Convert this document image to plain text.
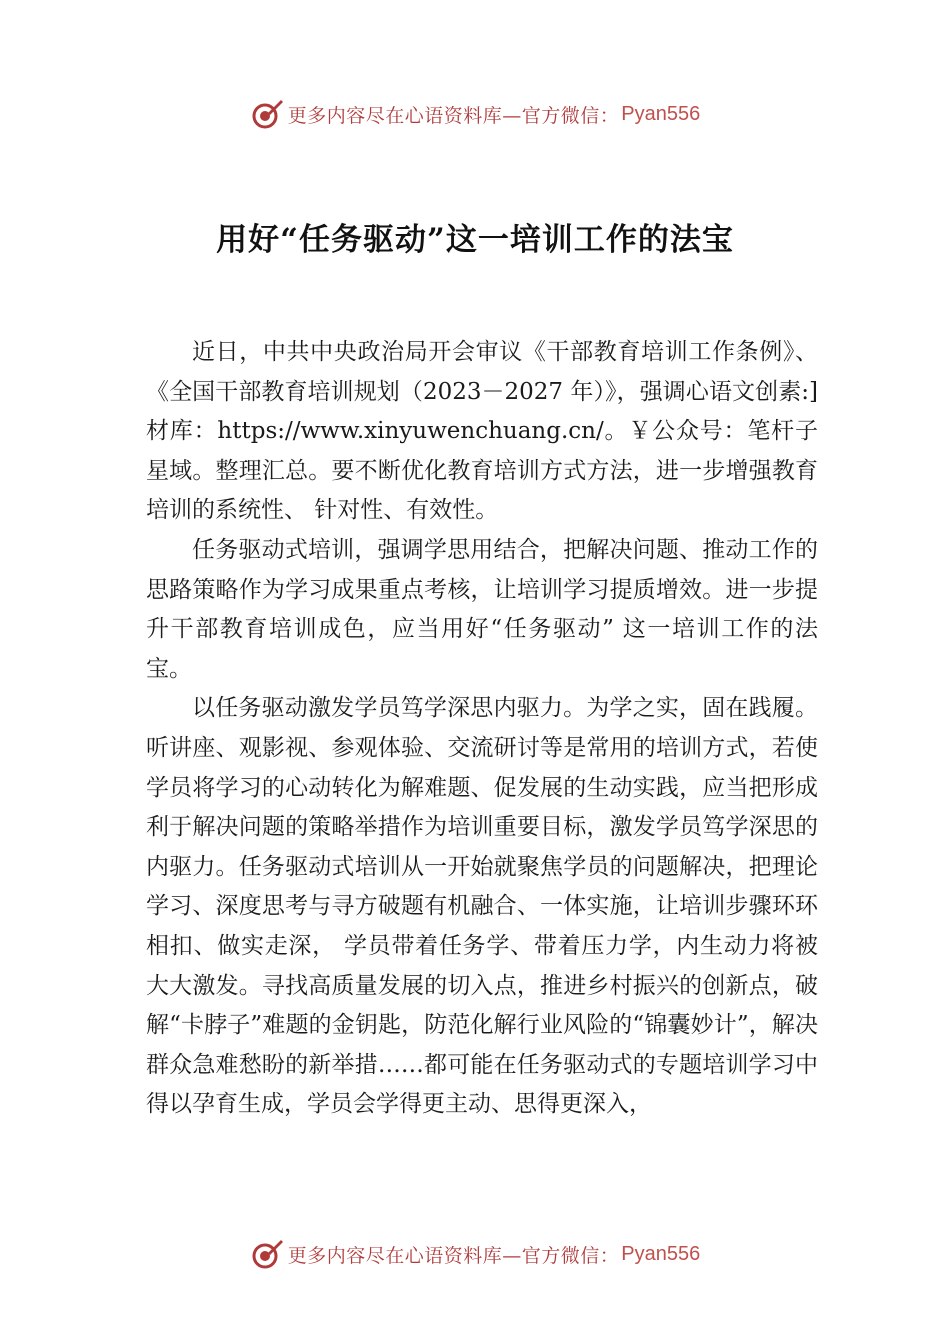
更多内容尽在心语资料库—官方微信： Pyan556
用好“任务驱动”这一培训工作的法宝

近日，中共中央政治局开会审议《干部教育培训工作条例》、《全国干部教育培训规划（2023－2027 年）》，强调心语文创素:]材库：https://www.xinyuwenchuang.cn/。￥公众号：笔杆子星域。整理汇总。要不断优化教育培训方式方法，进一步增强教育培训的系统性、 针对性、有效性。

任务驱动式培训，强调学思用结合，把解决问题、推动工作的思路策略作为学习成果重点考核，让培训学习提质增效。进一步提升干部教育培训成色，应当用好“任务驱动” 这一培训工作的法宝。

以任务驱动激发学员笃学深思内驱力。为学之实，固在践履。听讲座、观影视、参观体验、交流研讨等是常用的培训方式，若使学员将学习的心动转化为解难题、促发展的生动实践，应当把形成利于解决问题的策略举措作为培训重要目标，激发学员笃学深思的内驱力。任务驱动式培训从一开始就聚焦学员的问题解决，把理论学习、深度思考与寻方破题有机融合、一体实施，让培训步骤环环相扣、做实走深， 学员带着任务学、带着压力学，内生动力将被大大激发。寻找高质量发展的切入点，推进乡村振兴的创新点，破解“卡脖子”难题的金钥匙，防范化解行业风险的“锦囊妙计”，解决群众急难愁盼的新举措……都可能在任务驱动式的专题培训学习中得以孕育生成，学员会学得更主动、思得更深入，

更多内容尽在心语资料库—官方微信： Pyan556
